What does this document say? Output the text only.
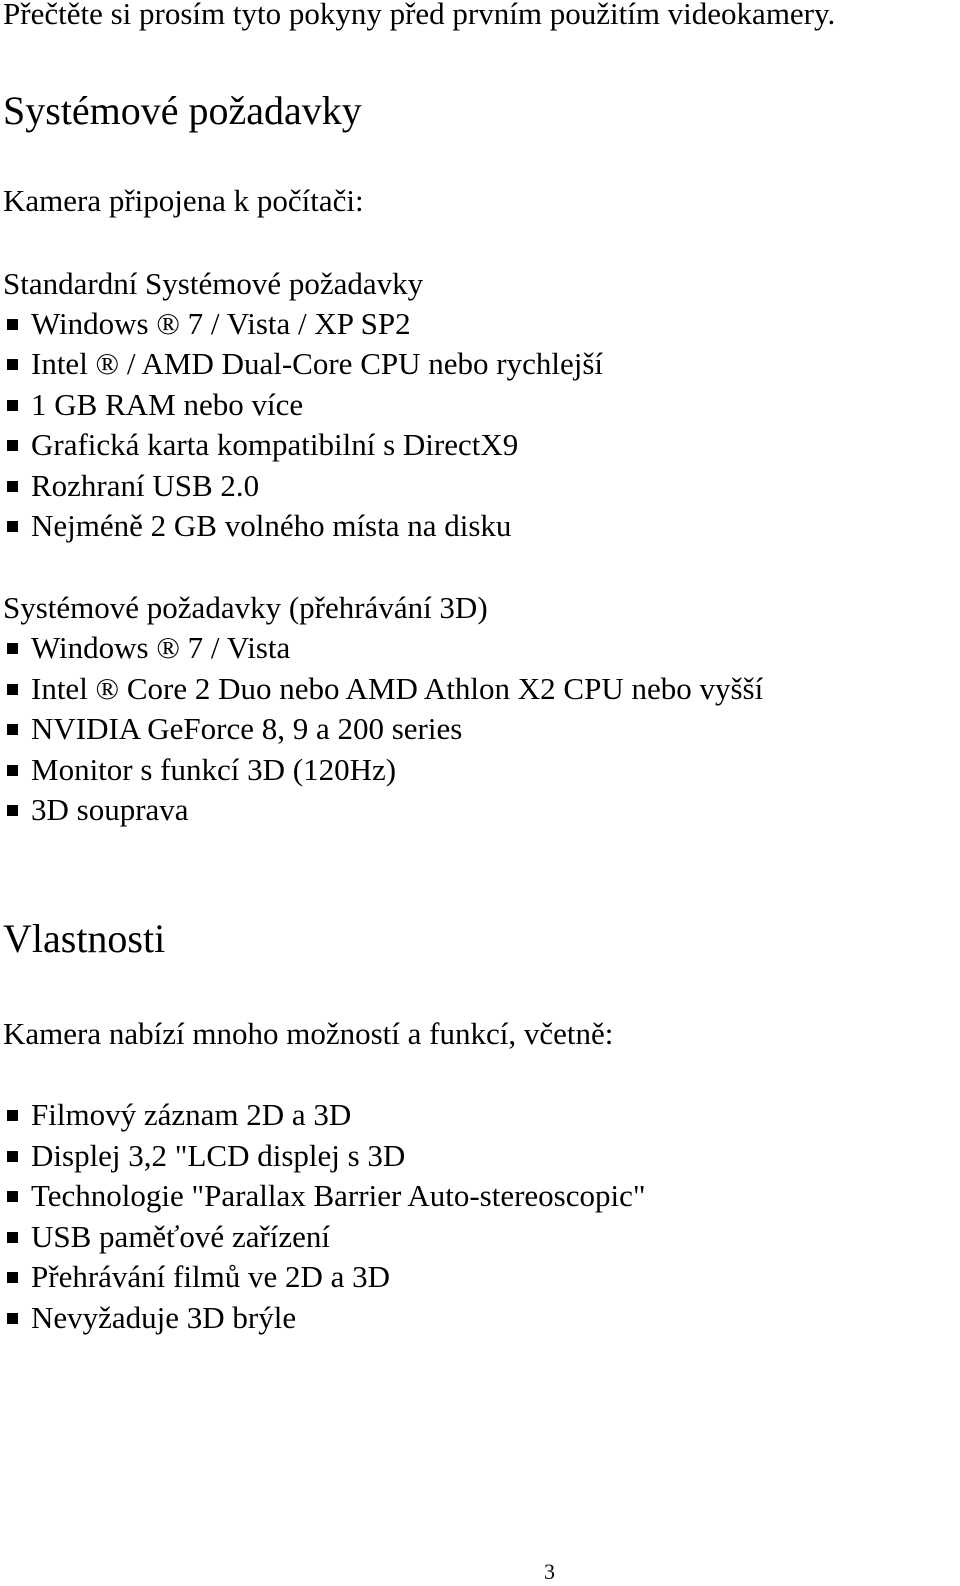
Přečtěte si prosím tyto pokyny před prvním použitím videokamery.
Systémové požadavky
Kamera připojena k počítači:
Standardní Systémové požadavky
Windows ® 7 / Vista / XP SP2
Intel ® / AMD Dual-Core CPU nebo rychlejší
1 GB RAM nebo více
Grafická karta kompatibilní s DirectX9
Rozhraní USB 2.0
Nejméně 2 GB volného místa na disku
Systémové požadavky (přehrávání 3D)
Windows ® 7 / Vista
Intel ® Core 2 Duo nebo AMD Athlon X2 CPU nebo vyšší
NVIDIA GeForce 8, 9 a 200 series
Monitor s funkcí 3D (120Hz)
3D souprava
Vlastnosti
Kamera nabízí mnoho možností a funkcí, včetně:
Filmový záznam 2D a 3D
Displej 3,2 "LCD displej s 3D
Technologie "Parallax Barrier Auto-stereoscopic"
USB paměťové zařízení
Přehrávání filmů ve 2D a 3D
Nevyžaduje 3D brýle
3
